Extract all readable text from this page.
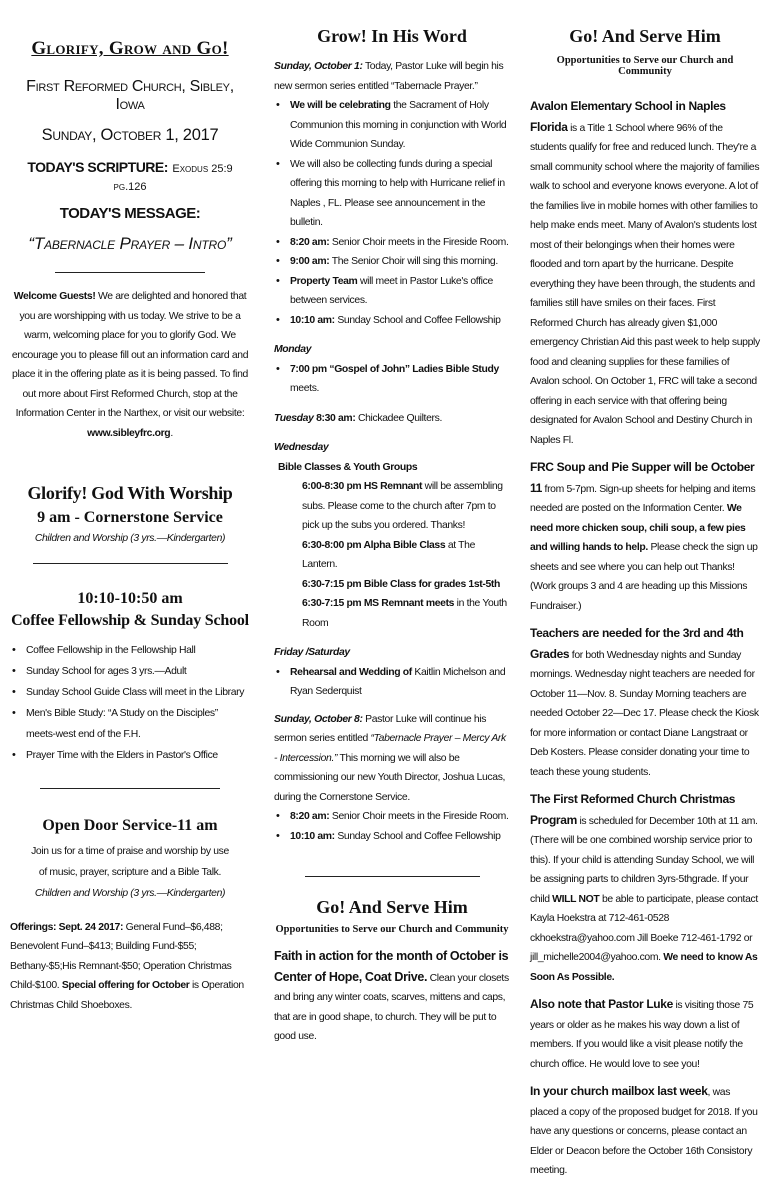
Glorify, Grow and Go!
First Reformed Church, Sibley, Iowa
Sunday, October 1, 2017
TODAY'S SCRIPTURE: Exodus 25:9 pg.126
TODAY'S MESSAGE:
“Tabernacle Prayer – Intro”

Welcome Guests! We are delighted and honored that you are worshipping with us today. We strive to be a warm, welcoming place for you to glorify God. We encourage you to please fill out an information card and place it in the offering plate as it is being passed. To find out more about First Reformed Church, stop at the Information Center in the Narthex, or visit our website: www.sibleyfrc.org.

Glorify! God With Worship
9 am - Cornerstone Service
Children and Worship (3 yrs.—Kindergarten)
10:10-10:50 am
Coffee Fellowship & Sunday School
• Coffee Fellowship in the Fellowship Hall
• Sunday School for ages 3 yrs.—Adult
• Sunday School Guide Class will meet in the Library
• Men's Bible Study: “A Study on the Disciples” meets-west end of the F.H.
• Prayer Time with the Elders in Pastor's Office
Open Door Service-11 am

Join us for a time of praise and worship by use of music, prayer, scripture and a Bible Talk.

Children and Worship (3 yrs.—Kindergarten)

Offerings: Sept. 24 2017: General Fund–$6,488; Benevolent Fund–$413; Building Fund-$55; Bethany-$5;His Remnant-$50; Operation Christmas Child-$100. Special offering for October is Operation Christmas Child Shoeboxes.

Grow! In His Word

Sunday, October 1: Today, Pastor Luke will begin his new sermon series entitled “Tabernacle Prayer.”

• We will be celebrating the Sacrament of Holy Communion this morning in conjunction with World Wide Communion Sunday.
• We will also be collecting funds during a special offering this morning to help with Hurricane relief in Naples , FL. Please see announcement in the bulletin.
• 8:20 am: Senior Choir meets in the Fireside Room.
• 9:00 am: The Senior Choir will sing this morning.
• Property Team will meet in Pastor Luke's office between services.
• 10:10 am: Sunday School and Coffee Fellowship

Monday

• 7:00 pm “Gospel of John” Ladies Bible Study meets.

Tuesday 8:30 am: Chickadee Quilters.

Wednesday

Bible Classes & Youth Groups

6:00-8:30 pm HS Remnant will be assembling subs. Please come to the church after 7pm to pick up the subs you ordered. Thanks!

6:30-8:00 pm Alpha Bible Class at The Lantern.

6:30-7:15 pm Bible Class for grades 1st-5th

6:30-7:15 pm MS Remnant meets in the Youth Room

Friday /Saturday

• Rehearsal and Wedding of Kaitlin Michelson and Ryan Sederquist

Sunday, October 8: Pastor Luke will continue his sermon series entitled “Tabernacle Prayer – Mercy Ark - Intercession.” This morning we will also be commissioning our new Youth Director, Joshua Lucas, during the Cornerstone Service.

• 8:20 am: Senior Choir meets in the Fireside Room.
• 10:10 am: Sunday School and Coffee Fellowship
Go! And Serve Him
Opportunities to Serve our Church and Community

Faith in action for the month of October is Center of Hope, Coat Drive. Clean your closets and bring any winter coats, scarves, mittens and caps, that are in good shape, to church. They will be put to good use.

Go! And Serve Him
Opportunities to Serve our Church and Community

Avalon Elementary School in Naples Florida is a Title 1 School where 96% of the students qualify for free and reduced lunch. They're a small community school where the majority of families walk to school and everyone knows everyone. A lot of the families live in mobile homes with other families to help make ends meet. Many of Avalon's students lost most of their belongings when their homes were flooded and torn apart by the hurricane. Despite everything they have been through, the students and families still have smiles on their faces. First Reformed Church has already given $1,000 emergency Christian Aid this past week to help supply food and cleaning supplies for these families of Avalon school. On October 1, FRC will take a second offering in each service with that offering being designated for Avalon School and Destiny Church in Naples Fl.

FRC Soup and Pie Supper will be October 11 from 5-7pm. Sign-up sheets for helping and items needed are posted on the Information Center. We need more chicken soup, chili soup, a few pies and willing hands to help. Please check the sign up sheets and see where you can help out Thanks! (Work groups 3 and 4 are heading up this Missions Fundraiser.)

Teachers are needed for the 3rd and 4th Grades for both Wednesday nights and Sunday mornings. Wednesday night teachers are needed for October 11—Nov. 8. Sunday Morning teachers are needed October 22—Dec 17. Please check the Kiosk for more information or contact Diane Langstraat or Deb Kosters. Please consider donating your time to teach these young students.

The First Reformed Church Christmas Program is scheduled for December 10th at 11 am. (There will be one combined worship service prior to this). If your child is attending Sunday School, we will be assigning parts to children 3yrs-5thgrade. If your child WILL NOT be able to participate, please contact Kayla Hoekstra at 712-461-0528 ckhoekstra@yahoo.com Jill Boeke 712-461-1792 or jill_michelle2004@yahoo.com. We need to know As Soon As Possible.

Also note that Pastor Luke is visiting those 75 years or older as he makes his way down a list of members. If you would like a visit please notify the church office. He would love to see you!

In your church mailbox last week, was placed a copy of the proposed budget for 2018. If you have any questions or concerns, please contact an Elder or Deacon before the October 16th Consistory meeting.
